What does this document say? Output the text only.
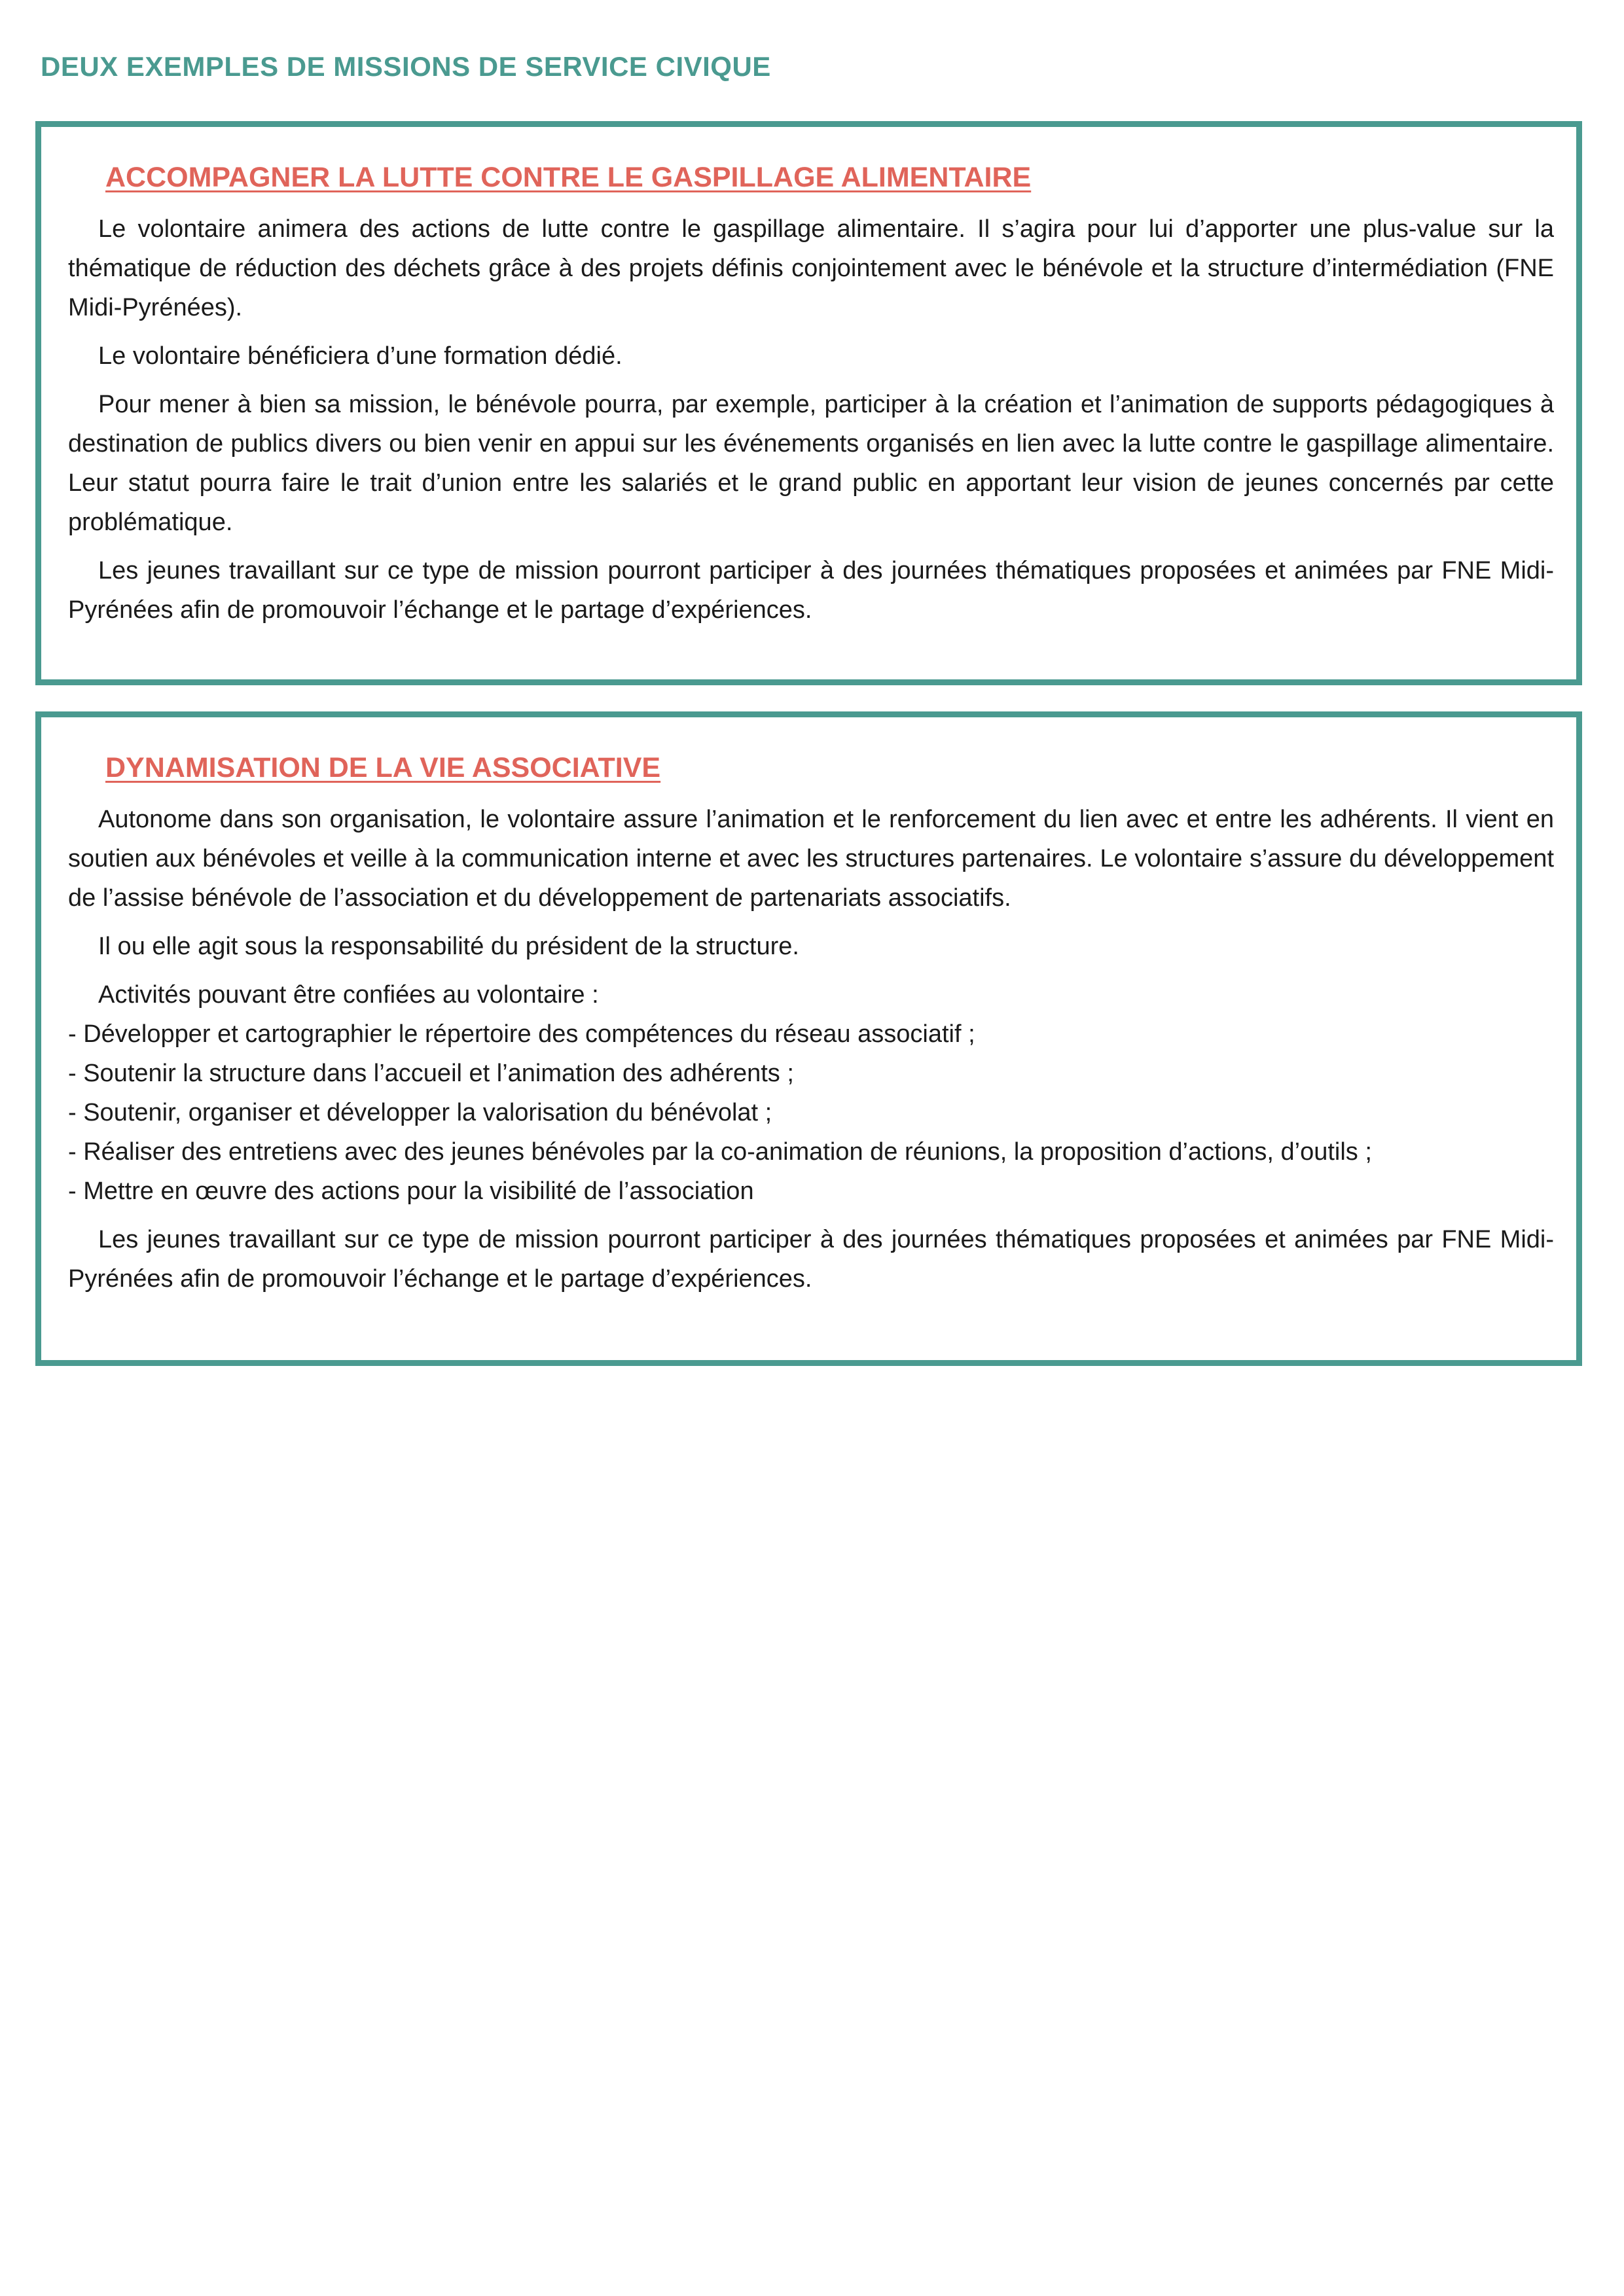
DEUX EXEMPLES DE MISSIONS DE SERVICE CIVIQUE
ACCOMPAGNER LA LUTTE CONTRE LE GASPILLAGE ALIMENTAIRE

Le volontaire animera des actions de lutte contre le gaspillage alimentaire. Il s’agira pour lui d’apporter une plus-value sur la thématique de réduction des déchets grâce à des projets définis conjointement avec le bénévole et la structure d’intermédiation (FNE Midi-Pyrénées).

Le volontaire bénéficiera d’une formation dédié.

Pour mener à bien sa mission, le bénévole pourra, par exemple, participer à la création et l’animation de supports pédagogiques à destination de publics divers ou bien venir en appui sur les événements organisés en lien avec la lutte contre le gaspillage alimentaire. Leur statut pourra faire le trait d’union entre les salariés et le grand public en apportant leur vision de jeunes concernés par cette problématique.

Les jeunes travaillant sur ce type de mission pourront participer à des journées thématiques proposées et animées par FNE Midi-Pyrénées afin de promouvoir l’échange et le partage d’expériences.

DYNAMISATION DE LA VIE ASSOCIATIVE

Autonome dans son organisation, le volontaire assure l’animation et le renforcement du lien avec et entre les adhérents. Il vient en soutien aux bénévoles et veille à la communication interne et avec les structures partenaires. Le volontaire s’assure du développement de l’assise bénévole de l’association et du développement de partenariats associatifs.

Il ou elle agit sous la responsabilité du président de la structure.

Activités pouvant être confiées au volontaire :

- Développer et cartographier le répertoire des compétences du réseau associatif ;
- Soutenir la structure dans l’accueil et l’animation des adhérents ;
- Soutenir, organiser et développer la valorisation du bénévolat ;
- Réaliser des entretiens avec des jeunes bénévoles par la co-animation de réunions, la proposition d’actions, d’outils ;
- Mettre en œuvre des actions pour la visibilité de l’association

Les jeunes travaillant sur ce type de mission pourront participer à des journées thématiques proposées et animées par FNE Midi-Pyrénées afin de promouvoir l’échange et le partage d’expériences.
